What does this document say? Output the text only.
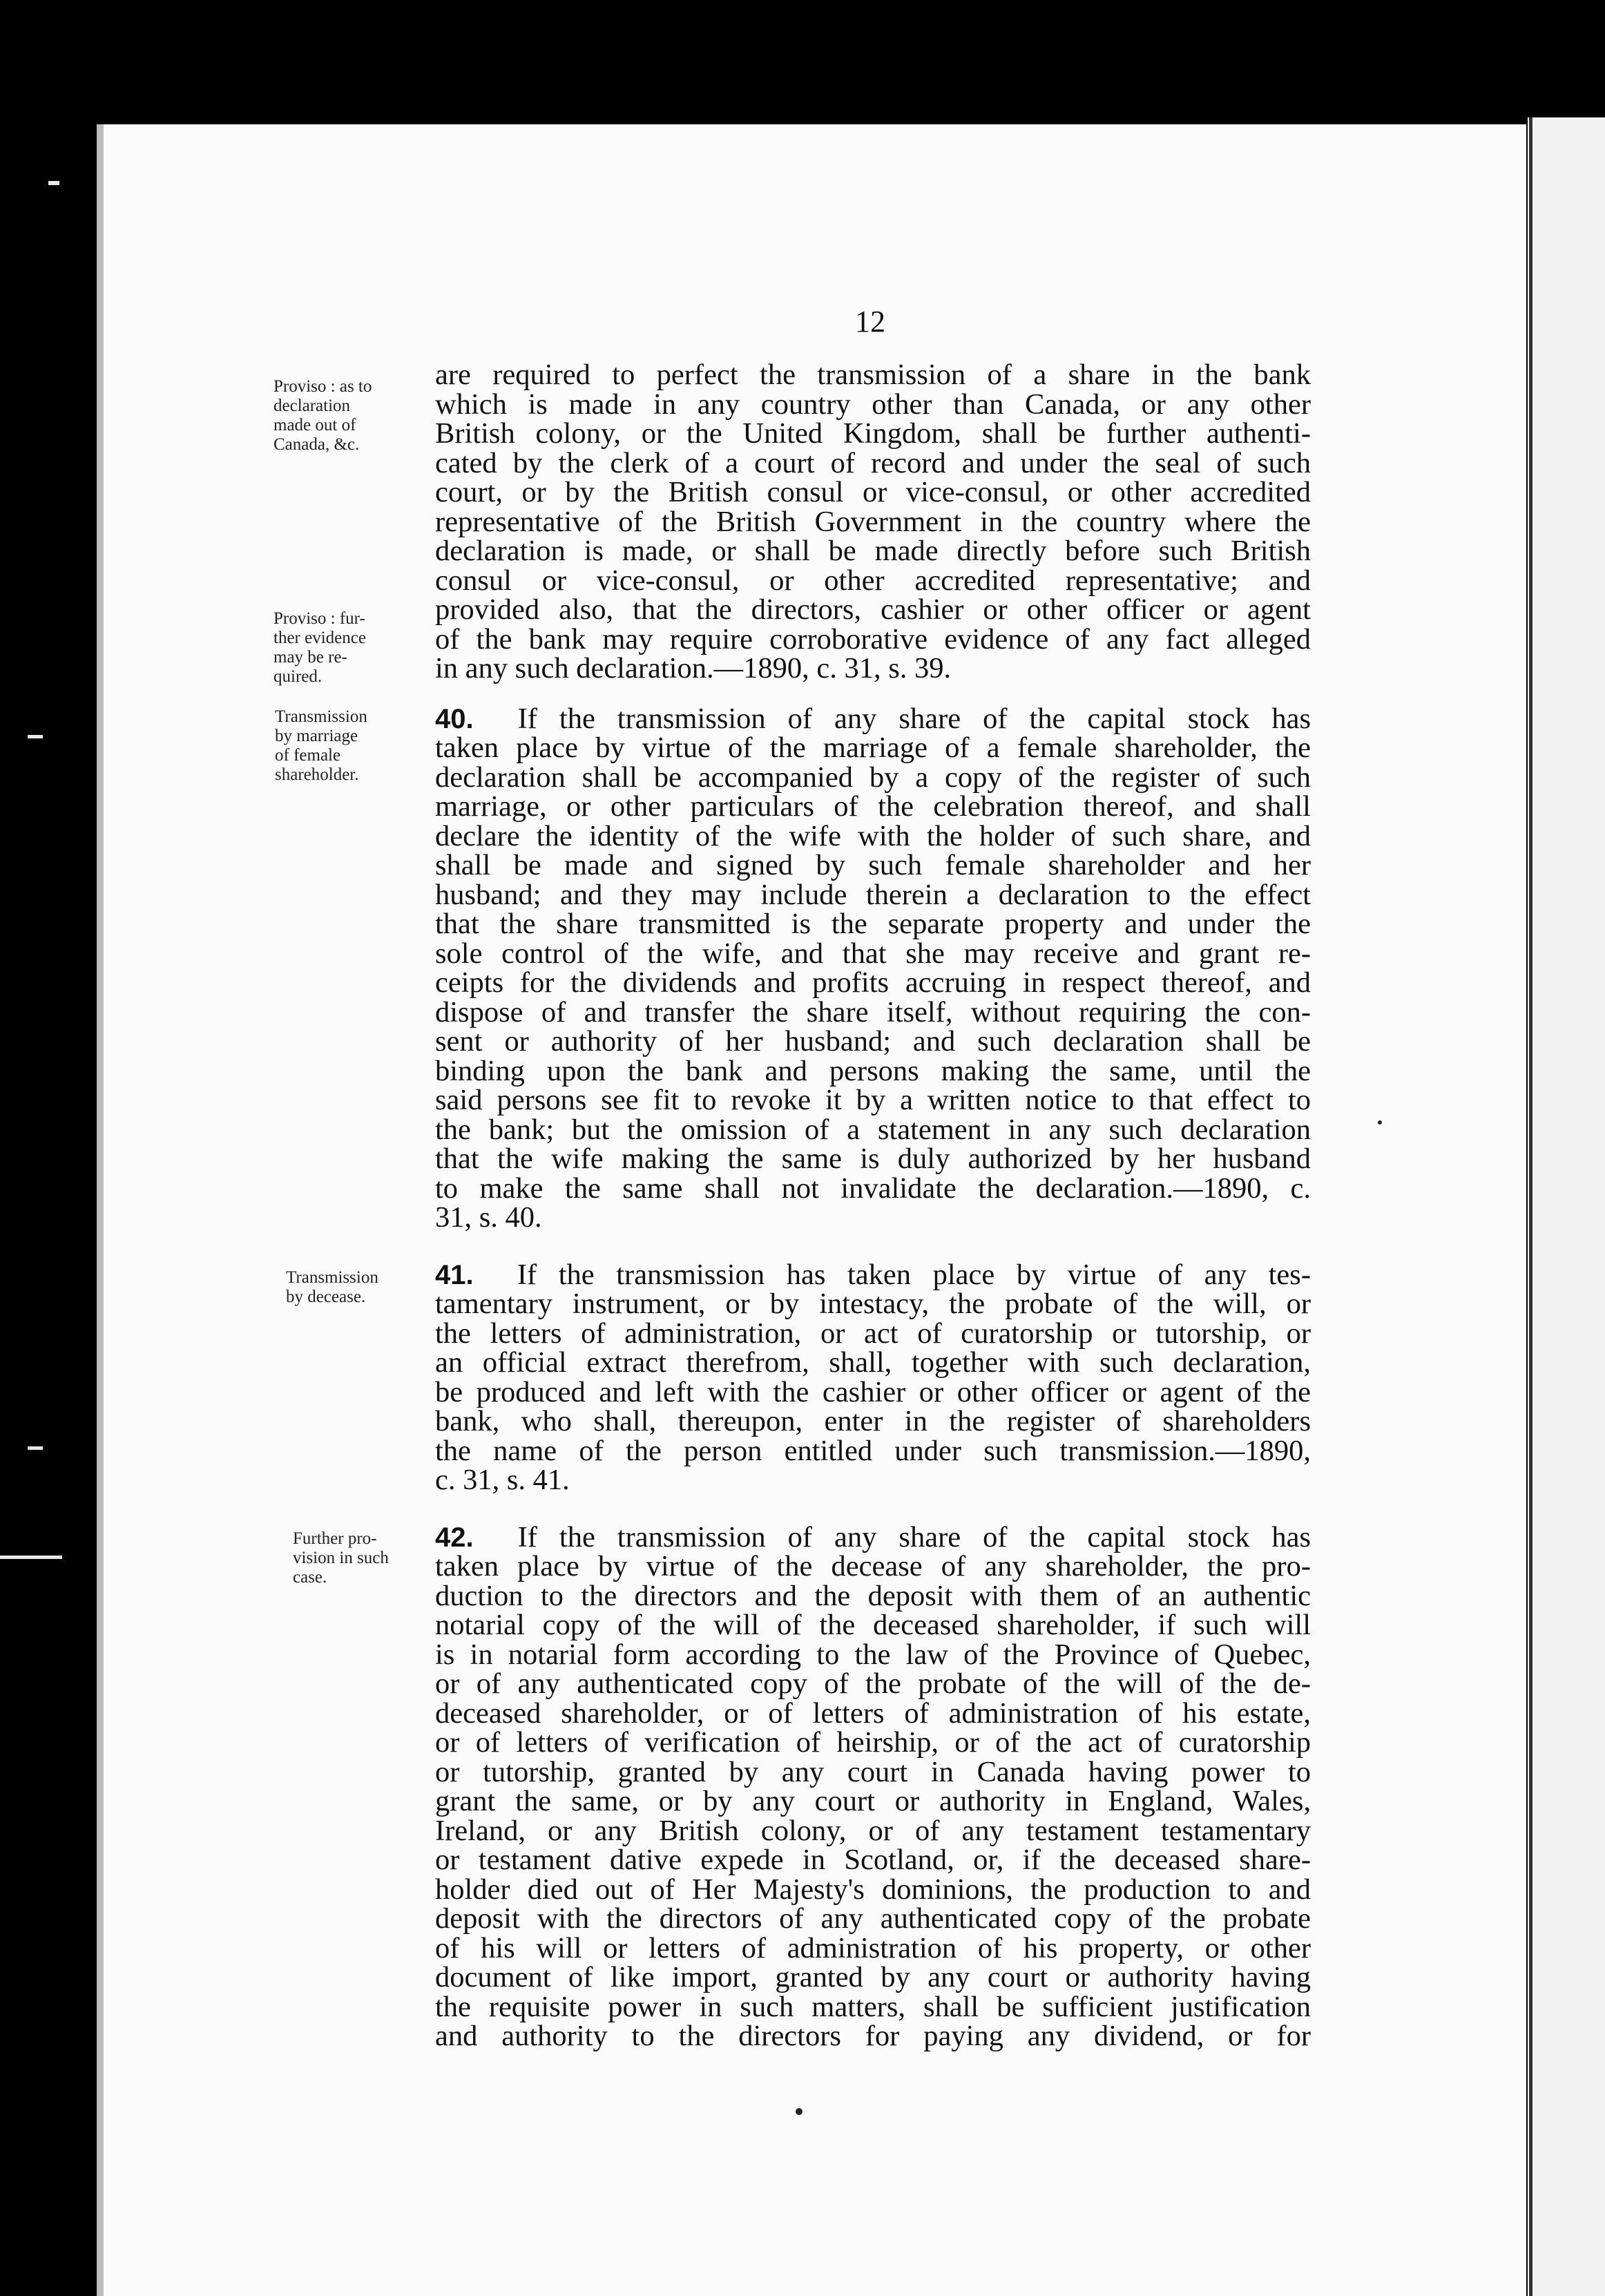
12
Proviso : as to
declaration
made out of
Canada, &c.
Proviso : fur-
ther evidence
may be re-
quired.
Transmission
by marriage
of female
shareholder.
Transmission
by decease.
Further pro-
vision in such
case.
are required to perfect the transmission of a share in the bank
which is made in any country other than Canada, or any other
British colony, or the United Kingdom, shall be further authenti-
cated by the clerk of a court of record and under the seal of such
court, or by the British consul or vice-consul, or other accredited
representative of the British Government in the country where the
declaration is made, or shall be made directly before such British
consul or vice-consul, or other accredited representative; and
provided also, that the directors, cashier or other officer or agent
of the bank may require corroborative evidence of any fact alleged
in any such declaration.—1890, c. 31, s. 39.
40. If the transmission of any share of the capital stock has
taken place by virtue of the marriage of a female shareholder, the
declaration shall be accompanied by a copy of the register of such
marriage, or other particulars of the celebration thereof, and shall
declare the identity of the wife with the holder of such share, and
shall be made and signed by such female shareholder and her
husband; and they may include therein a declaration to the effect
that the share transmitted is the separate property and under the
sole control of the wife, and that she may receive and grant re-
ceipts for the dividends and profits accruing in respect thereof, and
dispose of and transfer the share itself, without requiring the con-
sent or authority of her husband; and such declaration shall be
binding upon the bank and persons making the same, until the
said persons see fit to revoke it by a written notice to that effect to
the bank; but the omission of a statement in any such declaration
that the wife making the same is duly authorized by her husband
to make the same shall not invalidate the declaration.—1890, c.
31, s. 40.
41. If the transmission has taken place by virtue of any tes-
tamentary instrument, or by intestacy, the probate of the will, or
the letters of administration, or act of curatorship or tutorship, or
an official extract therefrom, shall, together with such declaration,
be produced and left with the cashier or other officer or agent of the
bank, who shall, thereupon, enter in the register of shareholders
the name of the person entitled under such transmission.—1890,
c. 31, s. 41.
42. If the transmission of any share of the capital stock has
taken place by virtue of the decease of any shareholder, the pro-
duction to the directors and the deposit with them of an authentic
notarial copy of the will of the deceased shareholder, if such will
is in notarial form according to the law of the Province of Quebec,
or of any authenticated copy of the probate of the will of the de-
deceased shareholder, or of letters of administration of his estate,
or of letters of verification of heirship, or of the act of curatorship
or tutorship, granted by any court in Canada having power to
grant the same, or by any court or authority in England, Wales,
Ireland, or any British colony, or of any testament testamentary
or testament dative expede in Scotland, or, if the deceased share-
holder died out of Her Majesty's dominions, the production to and
deposit with the directors of any authenticated copy of the probate
of his will or letters of administration of his property, or other
document of like import, granted by any court or authority having
the requisite power in such matters, shall be sufficient justification
and authority to the directors for paying any dividend, or for
